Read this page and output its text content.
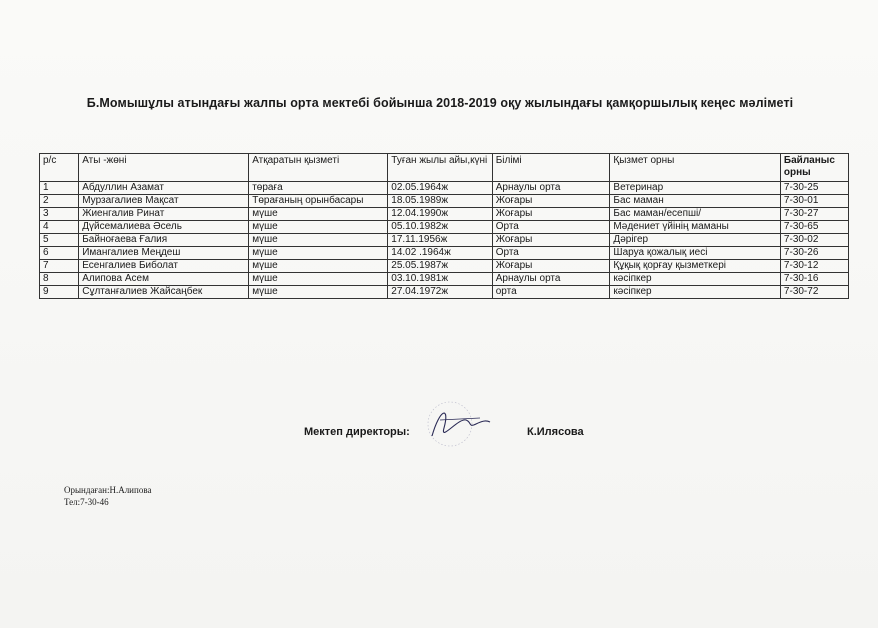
Б.Момышұлы атындағы жалпы орта мектебі бойынша 2018-2019 оқу жылындағы қамқоршылық кеңес мәліметі
р/с	Аты -жөні	Атқаратын қызметі	Туған жылы айы,күні	Білімі	Қызмет орны	Байланыс орны
1	Абдуллин Азамат	төраға	02.05.1964ж	Арнаулы орта	Ветеринар	7-30-25
2	Мурзагалиев Мақсат	Төрағаның орынбасары	18.05.1989ж	Жоғары	Бас маман	7-30-01
3	Жиенгалив Ринат	мүше	12.04.1990ж	Жоғары	Бас маман/есепші/	7-30-27
4	Дүйсемалиева Әсель	мүше	05.10.1982ж	Орта	Мәдениет үйінің маманы	7-30-65
5	Байноғаева Ғалия	мүше	17.11.1956ж	Жоғары	Дәрігер	7-30-02
6	Имангалиев Меңдеш	мүше	14.02 .1964ж	Орта	Шаруа қожалық иесі	7-30-26
7	Есенгалиев Биболат	мүше	25.05.1987ж	Жоғары	Құқық қорғау қызметкері	7-30-12
8	Алипова Асем	мүше	03.10.1981ж	Арнаулы орта	кәсіпкер	7-30-16
9	Сұлтанғалиев Жайсаңбек	мүше	27.04.1972ж	орта	кәсіпкер	7-30-72
Мектеп директоры:	К.Илясова
Орындаған:Н.Алипова
Тел:7-30-46
